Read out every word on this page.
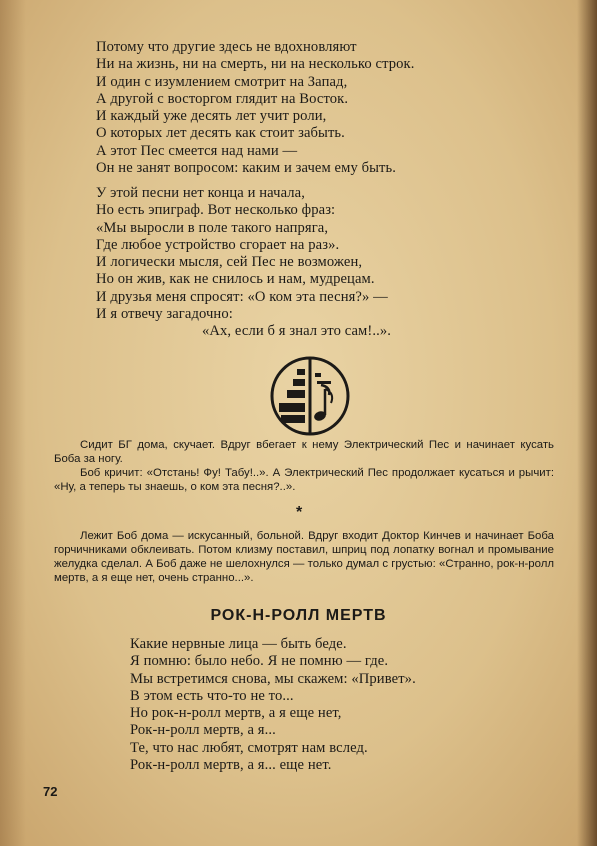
Потому что другие здесь не вдохновляют
Ни на жизнь, ни на смерть, ни на несколько строк.
И один с изумлением смотрит на Запад,
А другой с восторгом глядит на Восток.
И каждый уже десять лет учит роли,
О которых лет десять как стоит забыть.
А этот Пес смеется над нами —
Он не занят вопросом: каким и зачем ему быть.
У этой песни нет конца и начала,
Но есть эпиграф. Вот несколько фраз:
«Мы выросли в поле такого напряга,
Где любое устройство сгорает на раз».
И логически мысля, сей Пес не возможен,
Но он жив, как не снилось и нам, мудрецам.
И друзья меня спросят: «О ком эта песня?» —
И я отвечу загадочно:
«Ах, если б я знал это сам!..».
Сидит БГ дома, скучает. Вдруг вбегает к нему Электрический Пес и начинает кусать Боба за ногу.
Боб кричит: «Отстань! Фу! Табу!..». А Электрический Пес продолжает кусаться и рычит: «Ну, а теперь ты знаешь, о ком эта песня?..».
*
Лежит Боб дома — искусанный, больной. Вдруг входит Доктор Кинчев и начинает Боба горчичниками обклеивать. Потом клизму поставил, шприц под лопатку вогнал и промывание желудка сделал. А Боб даже не шелохнулся — только думал с грустью: «Странно, рок-н-ролл мертв, а я еще нет, очень странно...».
РОК-Н-РОЛЛ МЕРТВ
Какие нервные лица — быть беде.
Я помню: было небо. Я не помню — где.
Мы встретимся снова, мы скажем: «Привет».
В этом есть что-то не то...
Но рок-н-ролл мертв, а я еще нет,
Рок-н-ролл мертв, а я...
Те, что нас любят, смотрят нам вслед.
Рок-н-ролл мертв, а я... еще нет.
72
